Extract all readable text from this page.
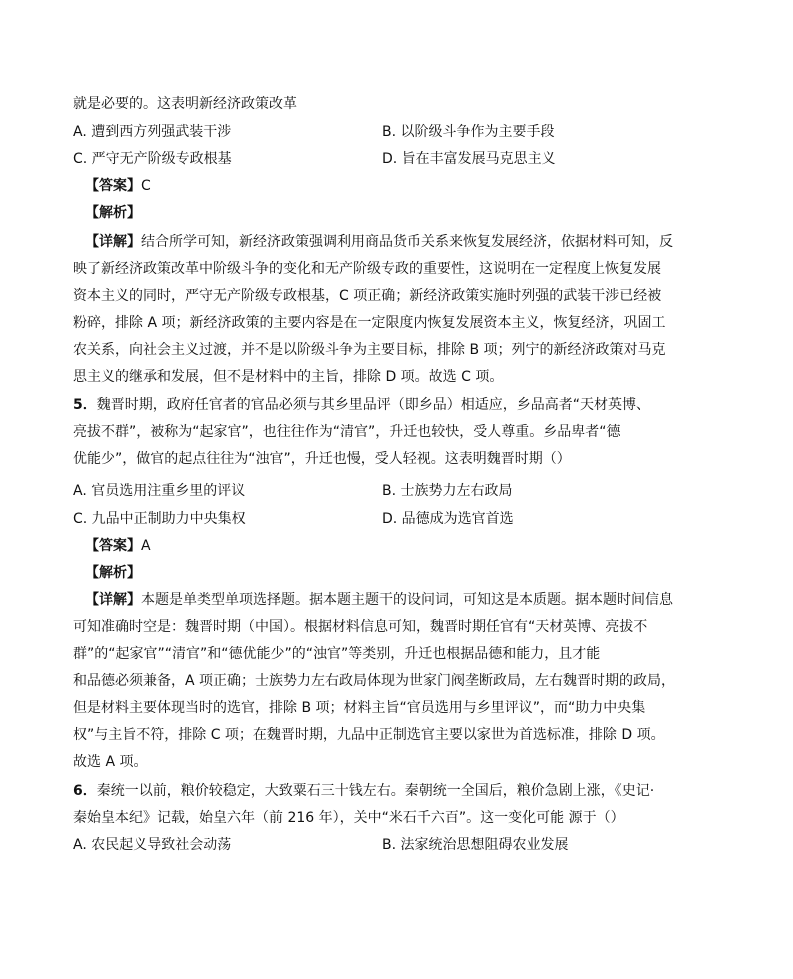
就是必要的。这表明新经济政策改革
A. 遭到西方列强武装干涉	B. 以阶级斗争作为主要手段
C. 严守无产阶级专政根基	D. 旨在丰富发展马克思主义
【答案】C
【解析】
【详解】结合所学可知，新经济政策强调利用商品货币关系来恢复发展经济，依据材料可知，反
映了新经济政策改革中阶级斗争的变化和无产阶级专政的重要性，这说明在一定程度上恢复发展
资本主义的同时，严守无产阶级专政根基，C 项正确；新经济政策实施时列强的武装干涉已经被
粉碎，排除 A 项；新经济政策的主要内容是在一定限度内恢复发展资本主义，恢复经济，巩固工
农关系，向社会主义过渡，并不是以阶级斗争为主要目标，排除 B 项；列宁的新经济政策对马克
思主义的继承和发展，但不是材料中的主旨，排除 D 项。故选 C 项。
5．魏晋时期，政府任官者的官品必须与其乡里品评（即乡品）相适应，乡品高者“天材英博、
亮拔不群”，被称为“起家官”，也往往作为“清官”，升迁也较快，受人尊重。乡品卑者“德
优能少”，做官的起点往往为“浊官”，升迁也慢，受人轻视。这表明魏晋时期（）
A. 官员选用注重乡里的评议	B. 士族势力左右政局
C. 九品中正制助力中央集权	D. 品德成为选官首选
【答案】A
【解析】
【详解】本题是单类型单项选择题。据本题主题干的设问词，可知这是本质题。据本题时间信息
可知准确时空是：魏晋时期（中国）。根据材料信息可知，魏晋时期任官有“天材英博、亮拔不
群”的“起家官”“清官”和“德优能少”的“浊官”等类别，升迁也根据品德和能力，且才能
和品德必须兼备，A 项正确；士族势力左右政局体现为世家门阀垄断政局，左右魏晋时期的政局，
但是材料主要体现当时的选官，排除 B 项；材料主旨“官员选用与乡里评议”，而“助力中央集
权”与主旨不符，排除 C 项；在魏晋时期，九品中正制选官主要以家世为首选标准，排除 D 项。
故选 A 项。
6．秦统一以前，粮价较稳定，大致粟石三十钱左右。秦朝统一全国后，粮价急剧上涨，《史记·
秦始皇本纪》记载，始皇六年（前 216 年），关中“米石千六百”。这一变化可能 源于（）
A. 农民起义导致社会动荡	B. 法家统治思想阻碍农业发展
